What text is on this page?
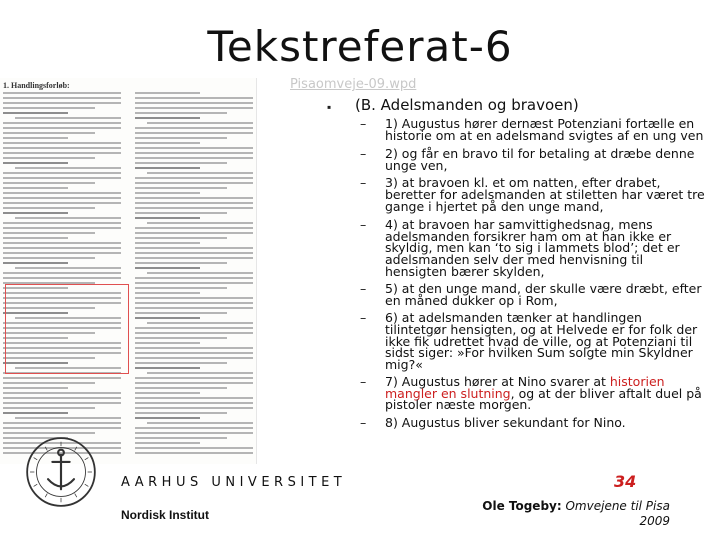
Tekstreferat-6
Pisaomveje-09.wpd
1. Handlingsforløb:
▪ (B. Adelsmanden og bravoen)
– 1) Augustus hører dernæst Potenziani fortælle en historie om at en adelsmand svigtes af en ung ven
– 2) og får en bravo til for betaling at dræbe denne unge ven,
– 3) at bravoen kl. et om natten, efter drabet, beretter for adelsmanden at stiletten har været tre gange i hjertet på den unge mand,
– 4) at bravoen har samvittighedsnag, mens adelsmanden forsikrer ham om at han ikke er skyldig, men kan ‘to sig i lammets blod’; det er adelsmanden selv der med henvisning til hensigten bærer skylden,
– 5) at den unge mand, der skulle være dræbt, efter en måned dukker op i Rom,
– 6) at adelsmanden tænker at handlingen tilintetgør hensigten, og at Helvede er for folk der ikke fik udrettet hvad de ville, og at Potenziani til sidst siger: »For hvilken Sum solgte min Skyldner mig?«
– 7) Augustus hører at Nino svarer at historien mangler en slutning, og at der bliver aftalt duel på pistoler næste morgen.
– 8) Augustus bliver sekundant for Nino.
AARHUS UNIVERSITET
Nordisk Institut
34
Ole Togeby: Omvejene til Pisa
2009
